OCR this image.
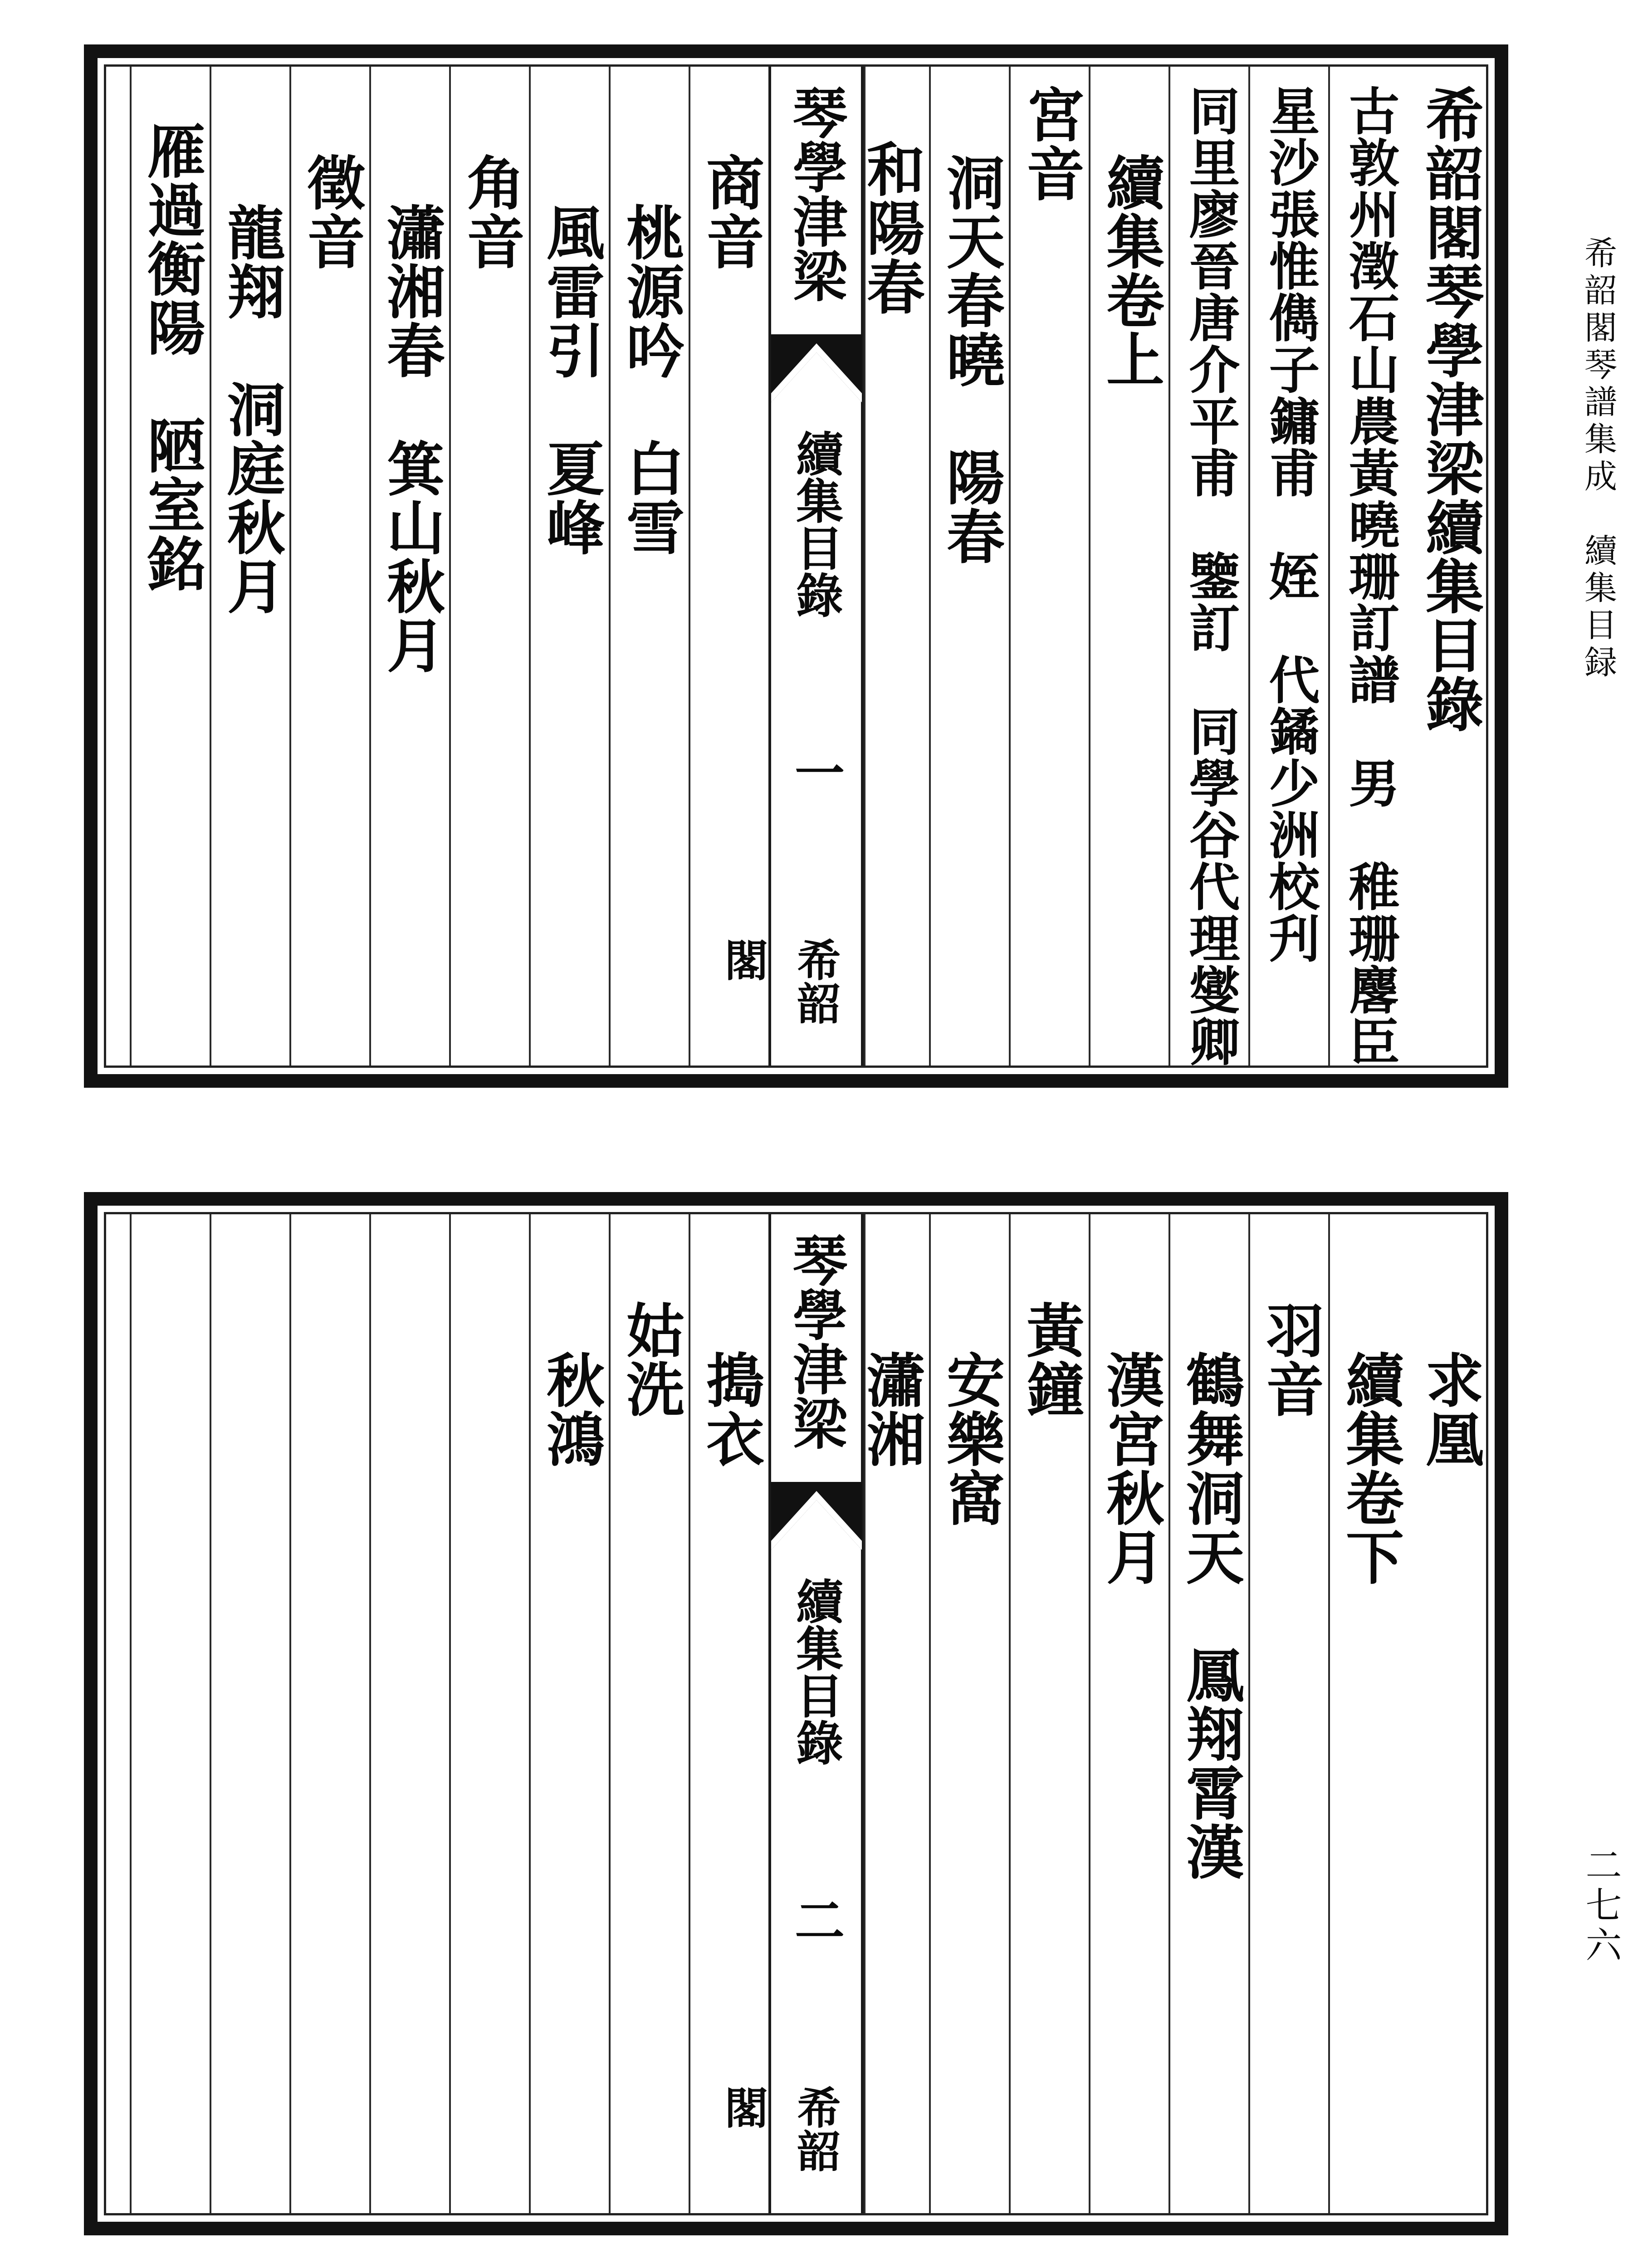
希韶閣琴譜集成　續集目録
二七六
希韶閣琴學津梁續集目錄
古敦州澂石山農黃曉珊訂譜　男　稚珊麐臣
星沙張惟儁子鏞甫　姪　代鐍少洲校刋
同里廖晉唐介平甫　鑒訂　同學谷代理燮卿
續集卷上
宮音
洞天春曉　陽春
和陽春
琴學津梁
續集目錄
一
希韶閣
商音
桃源吟　白雪
風雷引　夏峰
角音
瀟湘春　箕山秋月
徵音
龍翔　洞庭秋月
雁過衡陽　陋室銘
求凰
續集卷下
羽音
鶴舞洞天　鳳翔霄漢
漢宮秋月
黃鐘
安樂窩
瀟湘
琴學津梁
續集目錄
二
希韶閣
搗衣
姑洗
秋鴻
